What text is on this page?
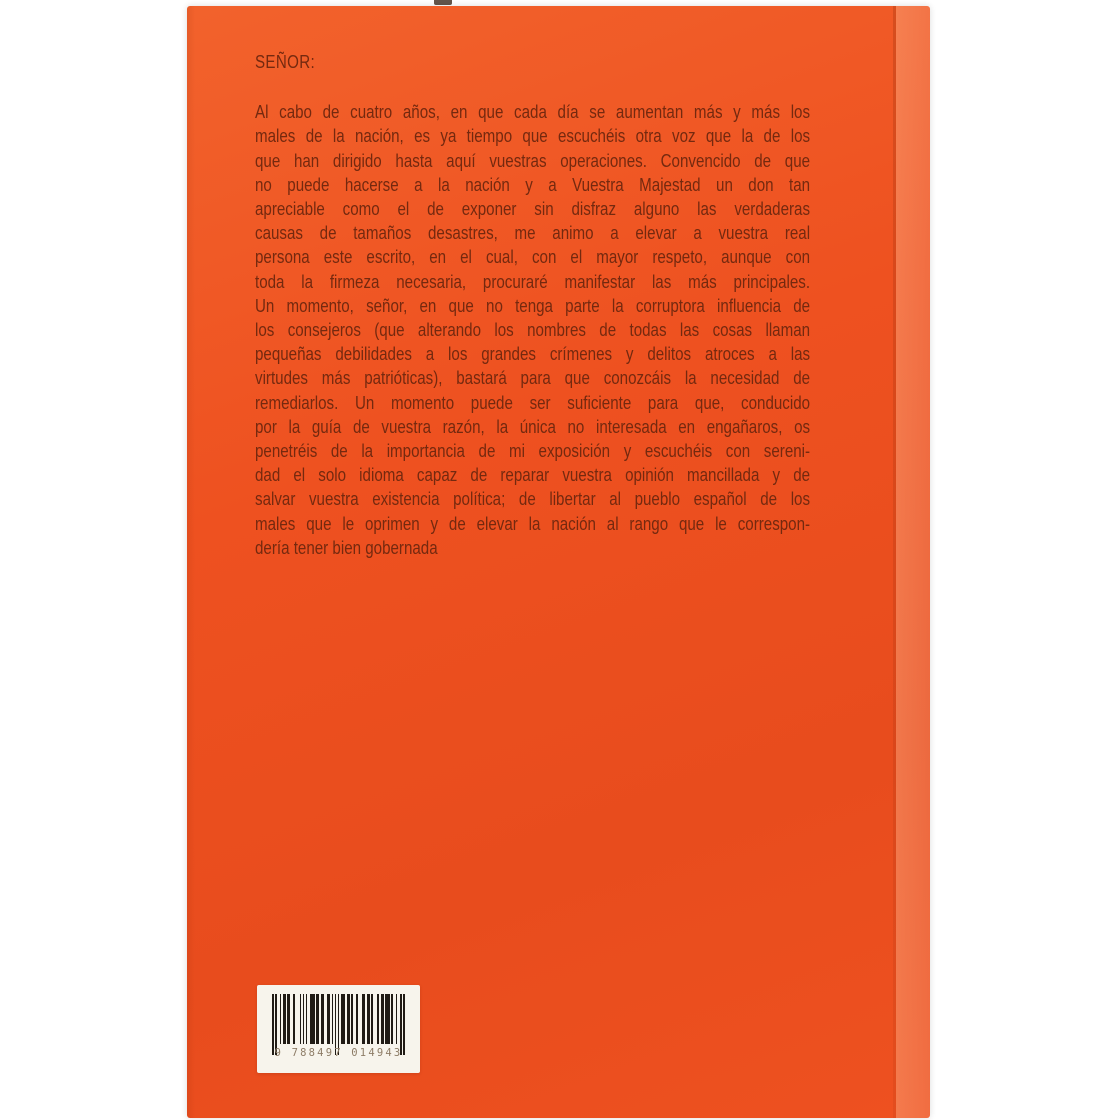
SEÑOR:
Al cabo de cuatro años, en que cada día se aumentan más y más los
males de la nación, es ya tiempo que escuchéis otra voz que la de los
que han dirigido hasta aquí vuestras operaciones. Convencido de que
no puede hacerse a la nación y a Vuestra Majestad un don tan
apreciable como el de exponer sin disfraz alguno las verdaderas
causas de tamaños desastres, me animo a elevar a vuestra real
persona este escrito, en el cual, con el mayor respeto, aunque con
toda la firmeza necesaria, procuraré manifestar las más principales.
Un momento, señor, en que no tenga parte la corruptora influencia de
los consejeros (que alterando los nombres de todas las cosas llaman
pequeñas debilidades a los grandes crímenes y delitos atroces a las
virtudes más patrióticas), bastará para que conozcáis la necesidad de
remediarlos. Un momento puede ser suficiente para que, conducido
por la guía de vuestra razón, la única no interesada en engañaros, os
penetréis de la importancia de mi exposición y escuchéis con sereni-
dad el solo idioma capaz de reparar vuestra opinión mancillada y de
salvar vuestra existencia política; de libertar al pueblo español de los
males que le oprimen y de elevar la nación al rango que le correspon-
dería tener bien gobernada
9 788497 014943
